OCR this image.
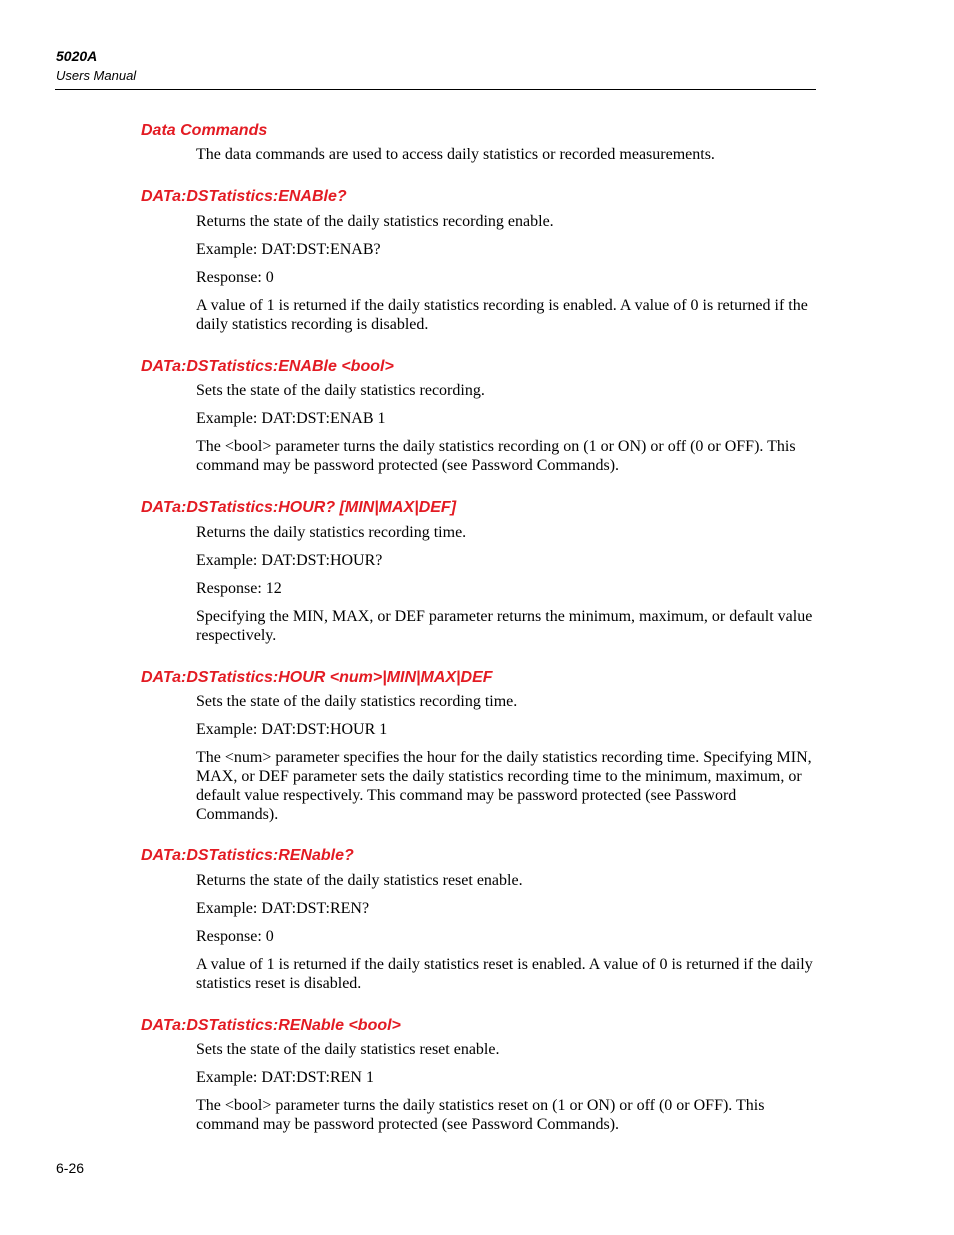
5020A
Users Manual
Data Commands

The data commands are used to access daily statistics or recorded measurements.

DATa:DSTatistics:ENABle?

Returns the state of the daily statistics recording enable.

Example: DAT:DST:ENAB?

Response: 0

A value of 1 is returned if the daily statistics recording is enabled. A value of 0 is returned if the daily statistics recording is disabled.

DATa:DSTatistics:ENABle <bool>

Sets the state of the daily statistics recording.

Example: DAT:DST:ENAB 1

The <bool> parameter turns the daily statistics recording on (1 or ON) or off (0 or OFF). This command may be password protected (see Password Commands).

DATa:DSTatistics:HOUR? [MIN|MAX|DEF]

Returns the daily statistics recording time.

Example: DAT:DST:HOUR?

Response: 12

Specifying the MIN, MAX, or DEF parameter returns the minimum, maximum, or default value respectively.

DATa:DSTatistics:HOUR <num>|MIN|MAX|DEF

Sets the state of the daily statistics recording time.

Example: DAT:DST:HOUR 1

The <num> parameter specifies the hour for the daily statistics recording time. Specifying MIN, MAX, or DEF parameter sets the daily statistics recording time to the minimum, maximum, or default value respectively. This command may be password protected (see Password Commands).

DATa:DSTatistics:RENable?

Returns the state of the daily statistics reset enable.

Example: DAT:DST:REN?

Response: 0

A value of 1 is returned if the daily statistics reset is enabled. A value of 0 is returned if the daily statistics reset is disabled.

DATa:DSTatistics:RENable <bool>

Sets the state of the daily statistics reset enable.

Example: DAT:DST:REN 1

The <bool> parameter turns the daily statistics reset on (1 or ON) or off (0 or OFF). This command may be password protected (see Password Commands).

6-26
